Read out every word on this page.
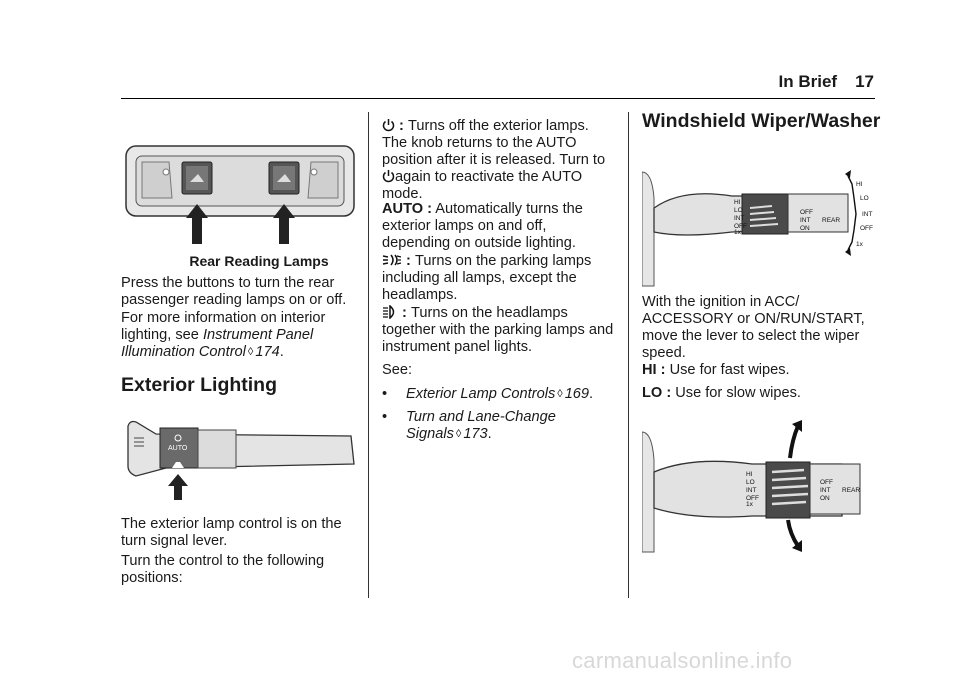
In Brief 17
Rear Reading Lamps

Press the buttons to turn the rear passenger reading lamps on or off.

For more information on interior lighting, see Instrument Panel Illumination Control ◊ 174.

Exterior Lighting
AUTO

The exterior lamp control is on the turn signal lever.

Turn the control to the following positions:

: Turns off the exterior lamps. The knob returns to the AUTO position after it is released. Turn to
again to reactivate the AUTO mode.

AUTO : Automatically turns the exterior lamps on and off, depending on outside lighting.

: Turns on the parking lamps including all lamps, except the headlamps.

: Turns on the headlamps together with the parking lamps and instrument panel lights.

See:

•	Exterior Lamp Controls ◊ 169.
•	Turn and Lane-Change Signals ◊ 173.
Windshield Wiper/Washer
HI
LO
INT
OFF
1x
OFF
INT
ON
REAR
HI
LO
INT
OFF
1x

With the ignition in ACC/ ACCESSORY or ON/RUN/START, move the lever to select the wiper speed.

HI : Use for fast wipes.

LO : Use for slow wipes.

HI
LO
INT
OFF
1x
OFF
INT
ON
REAR
carmanualsonline.info
